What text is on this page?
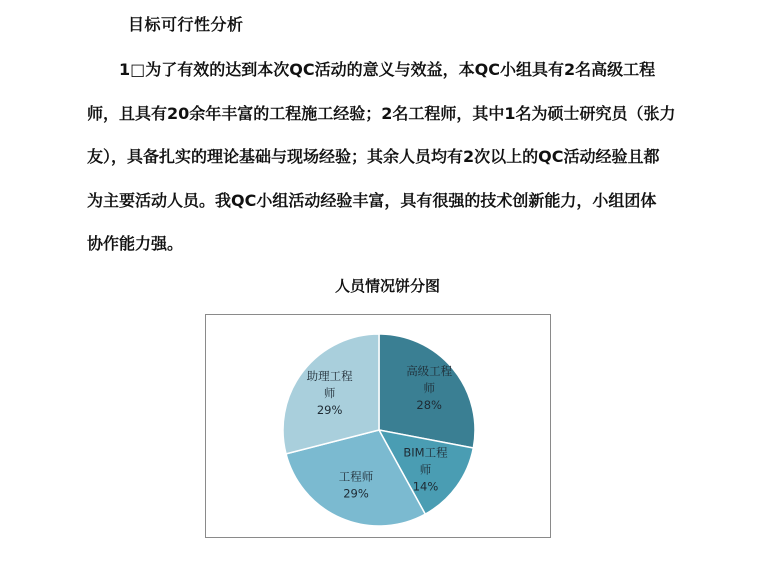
目标可行性分析
1□为了有效的达到本次QC活动的意义与效益，本QC小组具有2名高级工程
师，且具有20余年丰富的工程施工经验；2名工程师，其中1名为硕士研究员（张力
友），具备扎实的理论基础与现场经验；其余人员均有2次以上的QC活动经验且都
为主要活动人员。我QC小组活动经验丰富，具有很强的技术创新能力，小组团体
协作能力强。
人员情况饼分图
高级工程师 28%
BIM工程师 14%
工程师 29%
助理工程师 29%
